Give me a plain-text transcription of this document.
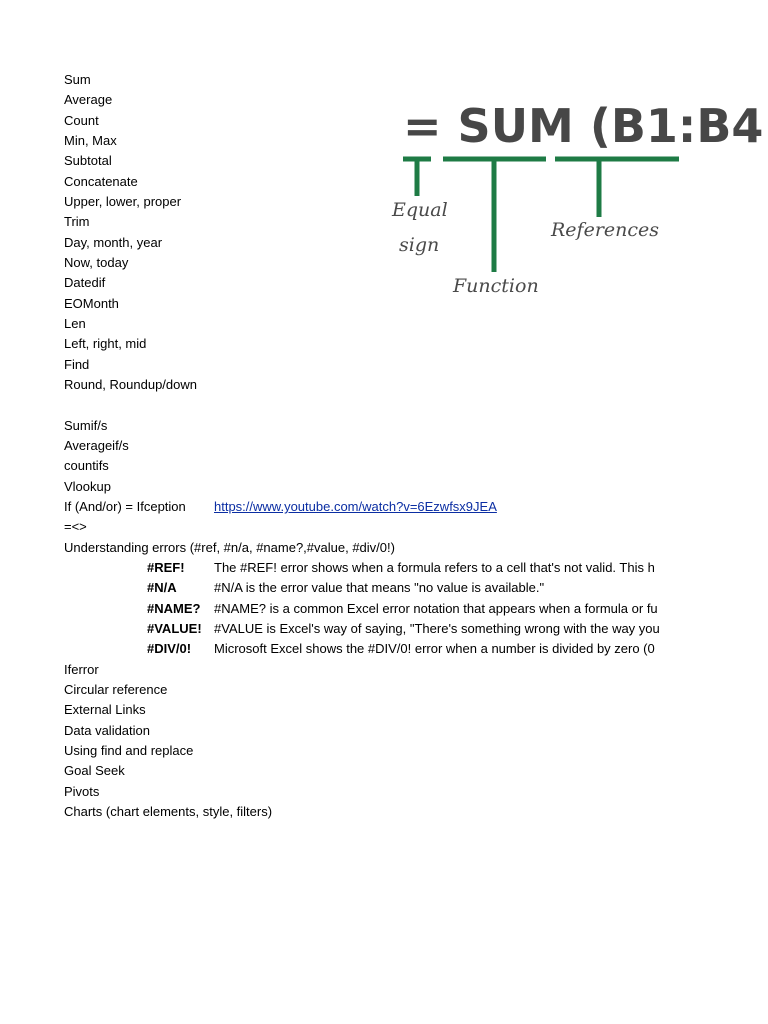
Sum
Average
Count
Min, Max
Subtotal
Concatenate
Upper, lower, proper
Trim
Day, month, year
Now, today
Datedif
EOMonth
Len
Left, right, mid
Find
Round, Roundup/down
Sumif/s
Averageif/s
countifs
Vlookup
If (And/or) = Ifception https://www.youtube.com/watch?v=6Ezwfsx9JEA
=<>
Understanding errors (#ref, #n/a, #name?,#value, #div/0!)
#REF! The #REF! error shows when a formula refers to a cell that's not valid. This h
#N/A	#N/A is the error value that means "no value is available."
#NAME? #NAME? is a common Excel error notation that appears when a formula or fu
#VALUE! #VALUE is Excel's way of saying, "There's something wrong with the way you
#DIV/0! Microsoft Excel shows the #DIV/0! error when a number is divided by zero (0
Iferror
Circular reference
External Links
Data validation
Using find and replace
Goal Seek
Pivots
Charts (chart elements, style, filters)
= SUM (B1:B4
Equal
sign
Function
References
